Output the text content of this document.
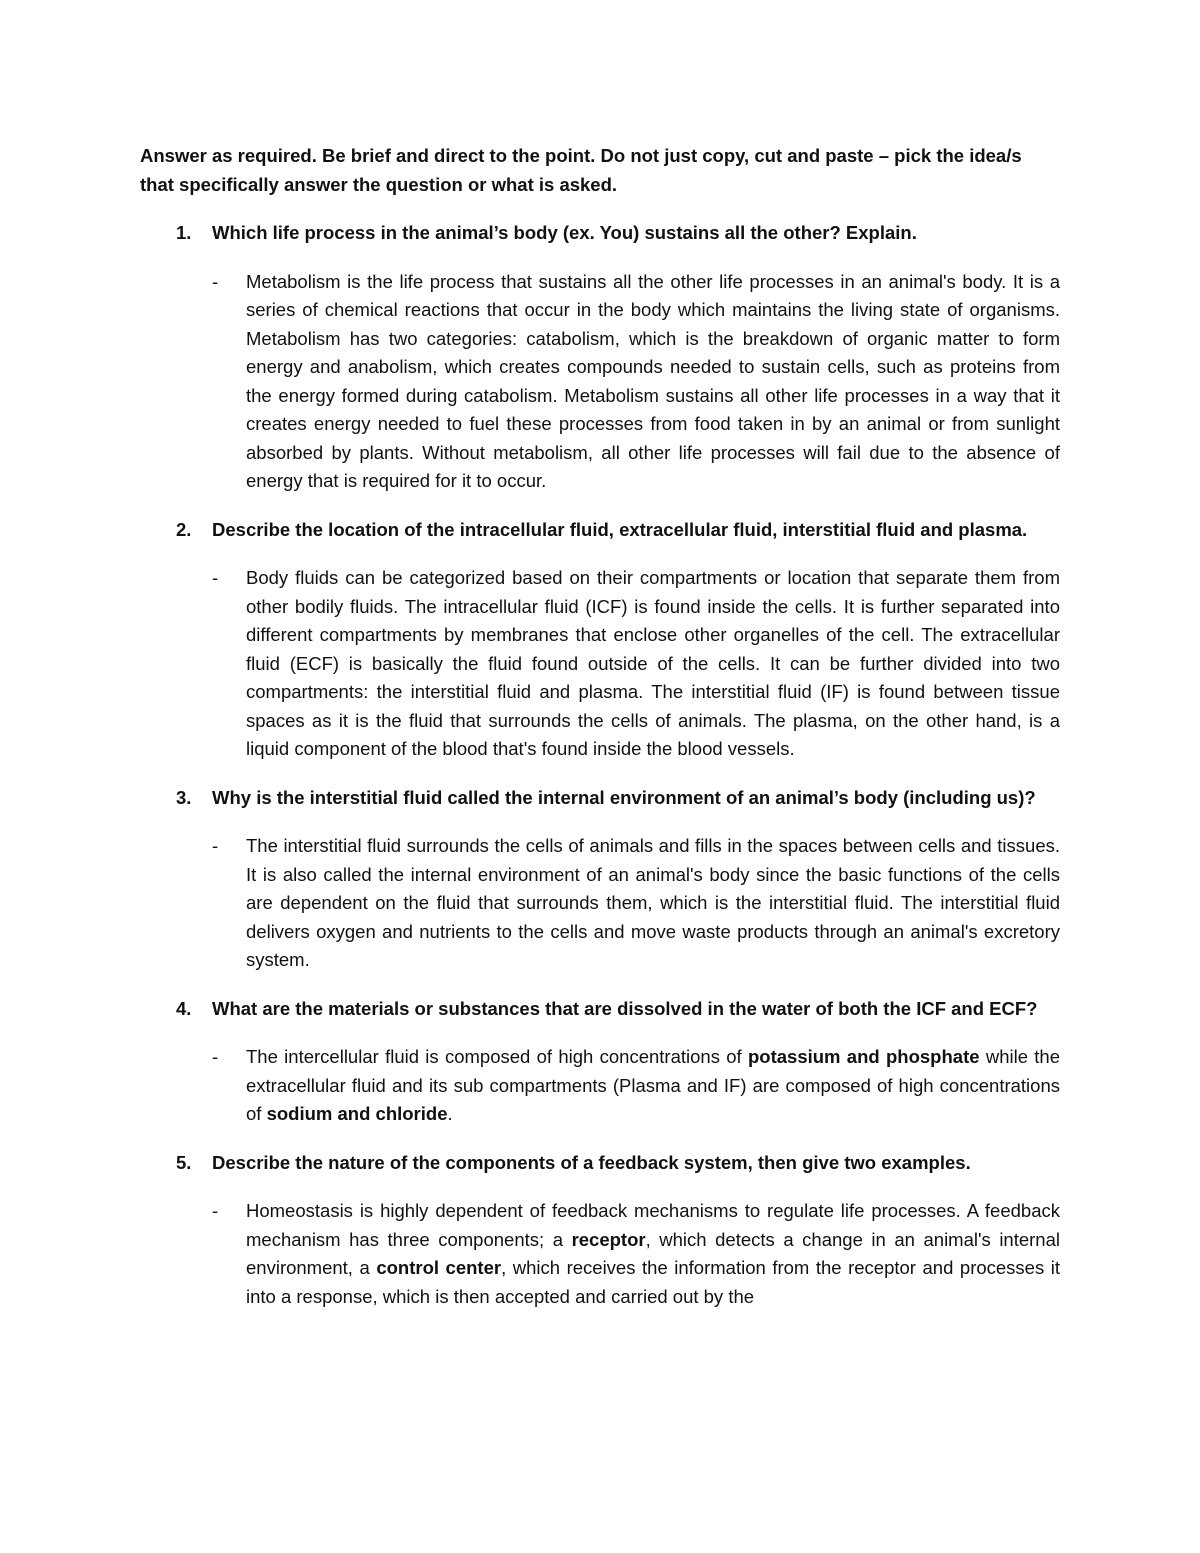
Answer as required. Be brief and direct to the point. Do not just copy, cut and paste – pick the idea/s that specifically answer the question or what is asked.

1.	Which life process in the animal’s body (ex. You) sustains all the other? Explain.
-	Metabolism is the life process that sustains all the other life processes in an animal's body. It is a series of chemical reactions that occur in the body which maintains the living state of organisms. Metabolism has two categories: catabolism, which is the breakdown of organic matter to form energy and anabolism, which creates compounds needed to sustain cells, such as proteins from the energy formed during catabolism. Metabolism sustains all other life processes in a way that it creates energy needed to fuel these processes from food taken in by an animal or from sunlight absorbed by plants. Without metabolism, all other life processes will fail due to the absence of energy that is required for it to occur.
2.	Describe the location of the intracellular fluid, extracellular fluid, interstitial fluid and plasma.
-	Body fluids can be categorized based on their compartments or location that separate them from other bodily fluids. The intracellular fluid (ICF) is found inside the cells. It is further separated into different compartments by membranes that enclose other organelles of the cell. The extracellular fluid (ECF) is basically the fluid found outside of the cells. It can be further divided into two compartments: the interstitial fluid and plasma. The interstitial fluid (IF) is found between tissue spaces as it is the fluid that surrounds the cells of animals. The plasma, on the other hand, is a liquid component of the blood that's found inside the blood vessels.
3.	Why is the interstitial fluid called the internal environment of an animal’s body (including us)?
-	The interstitial fluid surrounds the cells of animals and fills in the spaces between cells and tissues. It is also called the internal environment of an animal's body since the basic functions of the cells are dependent on the fluid that surrounds them, which is the interstitial fluid. The interstitial fluid delivers oxygen and nutrients to the cells and move waste products through an animal's excretory system.
4.	What are the materials or substances that are dissolved in the water of both the ICF and ECF?
-	The intercellular fluid is composed of high concentrations of potassium and phosphate while the extracellular fluid and its sub compartments (Plasma and IF) are composed of high concentrations of sodium and chloride.
5.	Describe the nature of the components of a feedback system, then give two examples.
-	Homeostasis is highly dependent of feedback mechanisms to regulate life processes. A feedback mechanism has three components; a receptor, which detects a change in an animal's internal environment, a control center, which receives the information from the receptor and processes it into a response, which is then accepted and carried out by the
